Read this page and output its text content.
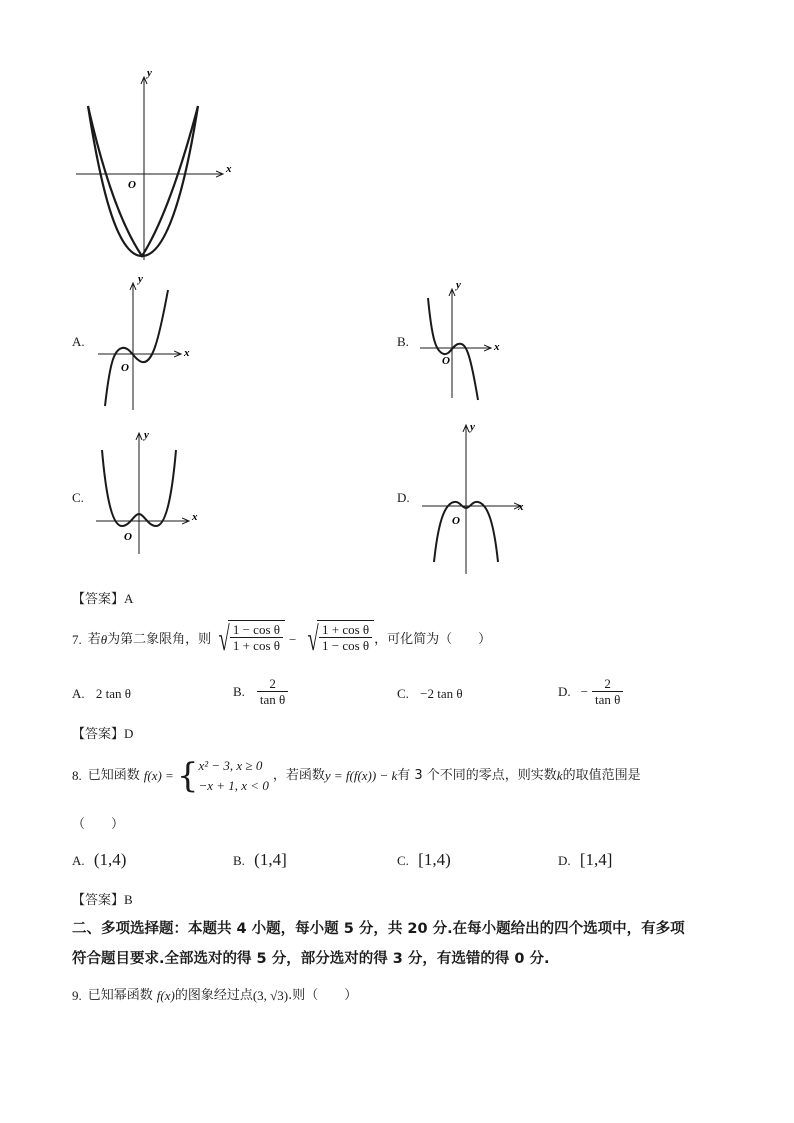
x
y
O
A.
x
y
O
B.	x
y
O
C.
x
y
O
D.
x
y
O
【答案】A
7. 若 θ 为第二象限角，则 √ $\frac{\text{1 − cos θ}}{\text{1 + cos θ}}$ − √ $\frac{\text{1 + cos θ}}{\text{1 − cos θ}}$ ，可化简为（　　）
A. 2 tan θ	B. $\frac{2}{\text{tan θ}}$	C. −2 tan θ	D. − $\frac{2}{\text{tan θ}}$
【答案】D
8. 已知函数 f(x) = { x² − 3, x ≥ 0
−x + 1, x < 0
，若函数 y = f(f(x)) − k 有 3 个不同的零点，则实数 k 的取值范围是
（　　）
A. (1,4)	B. (1,4]	C. [1,4)	D. [1,4]
【答案】B
二、多项选择题：本题共 4 小题，每小题 5 分，共 20 分.在每小题给出的四个选项中，有多项
符合题目要求.全部选对的得 5 分，部分选对的得 3 分，有选错的得 0 分.
9. 已知幂函数 f(x) 的图象经过点 (3, √3) .则（　　）
